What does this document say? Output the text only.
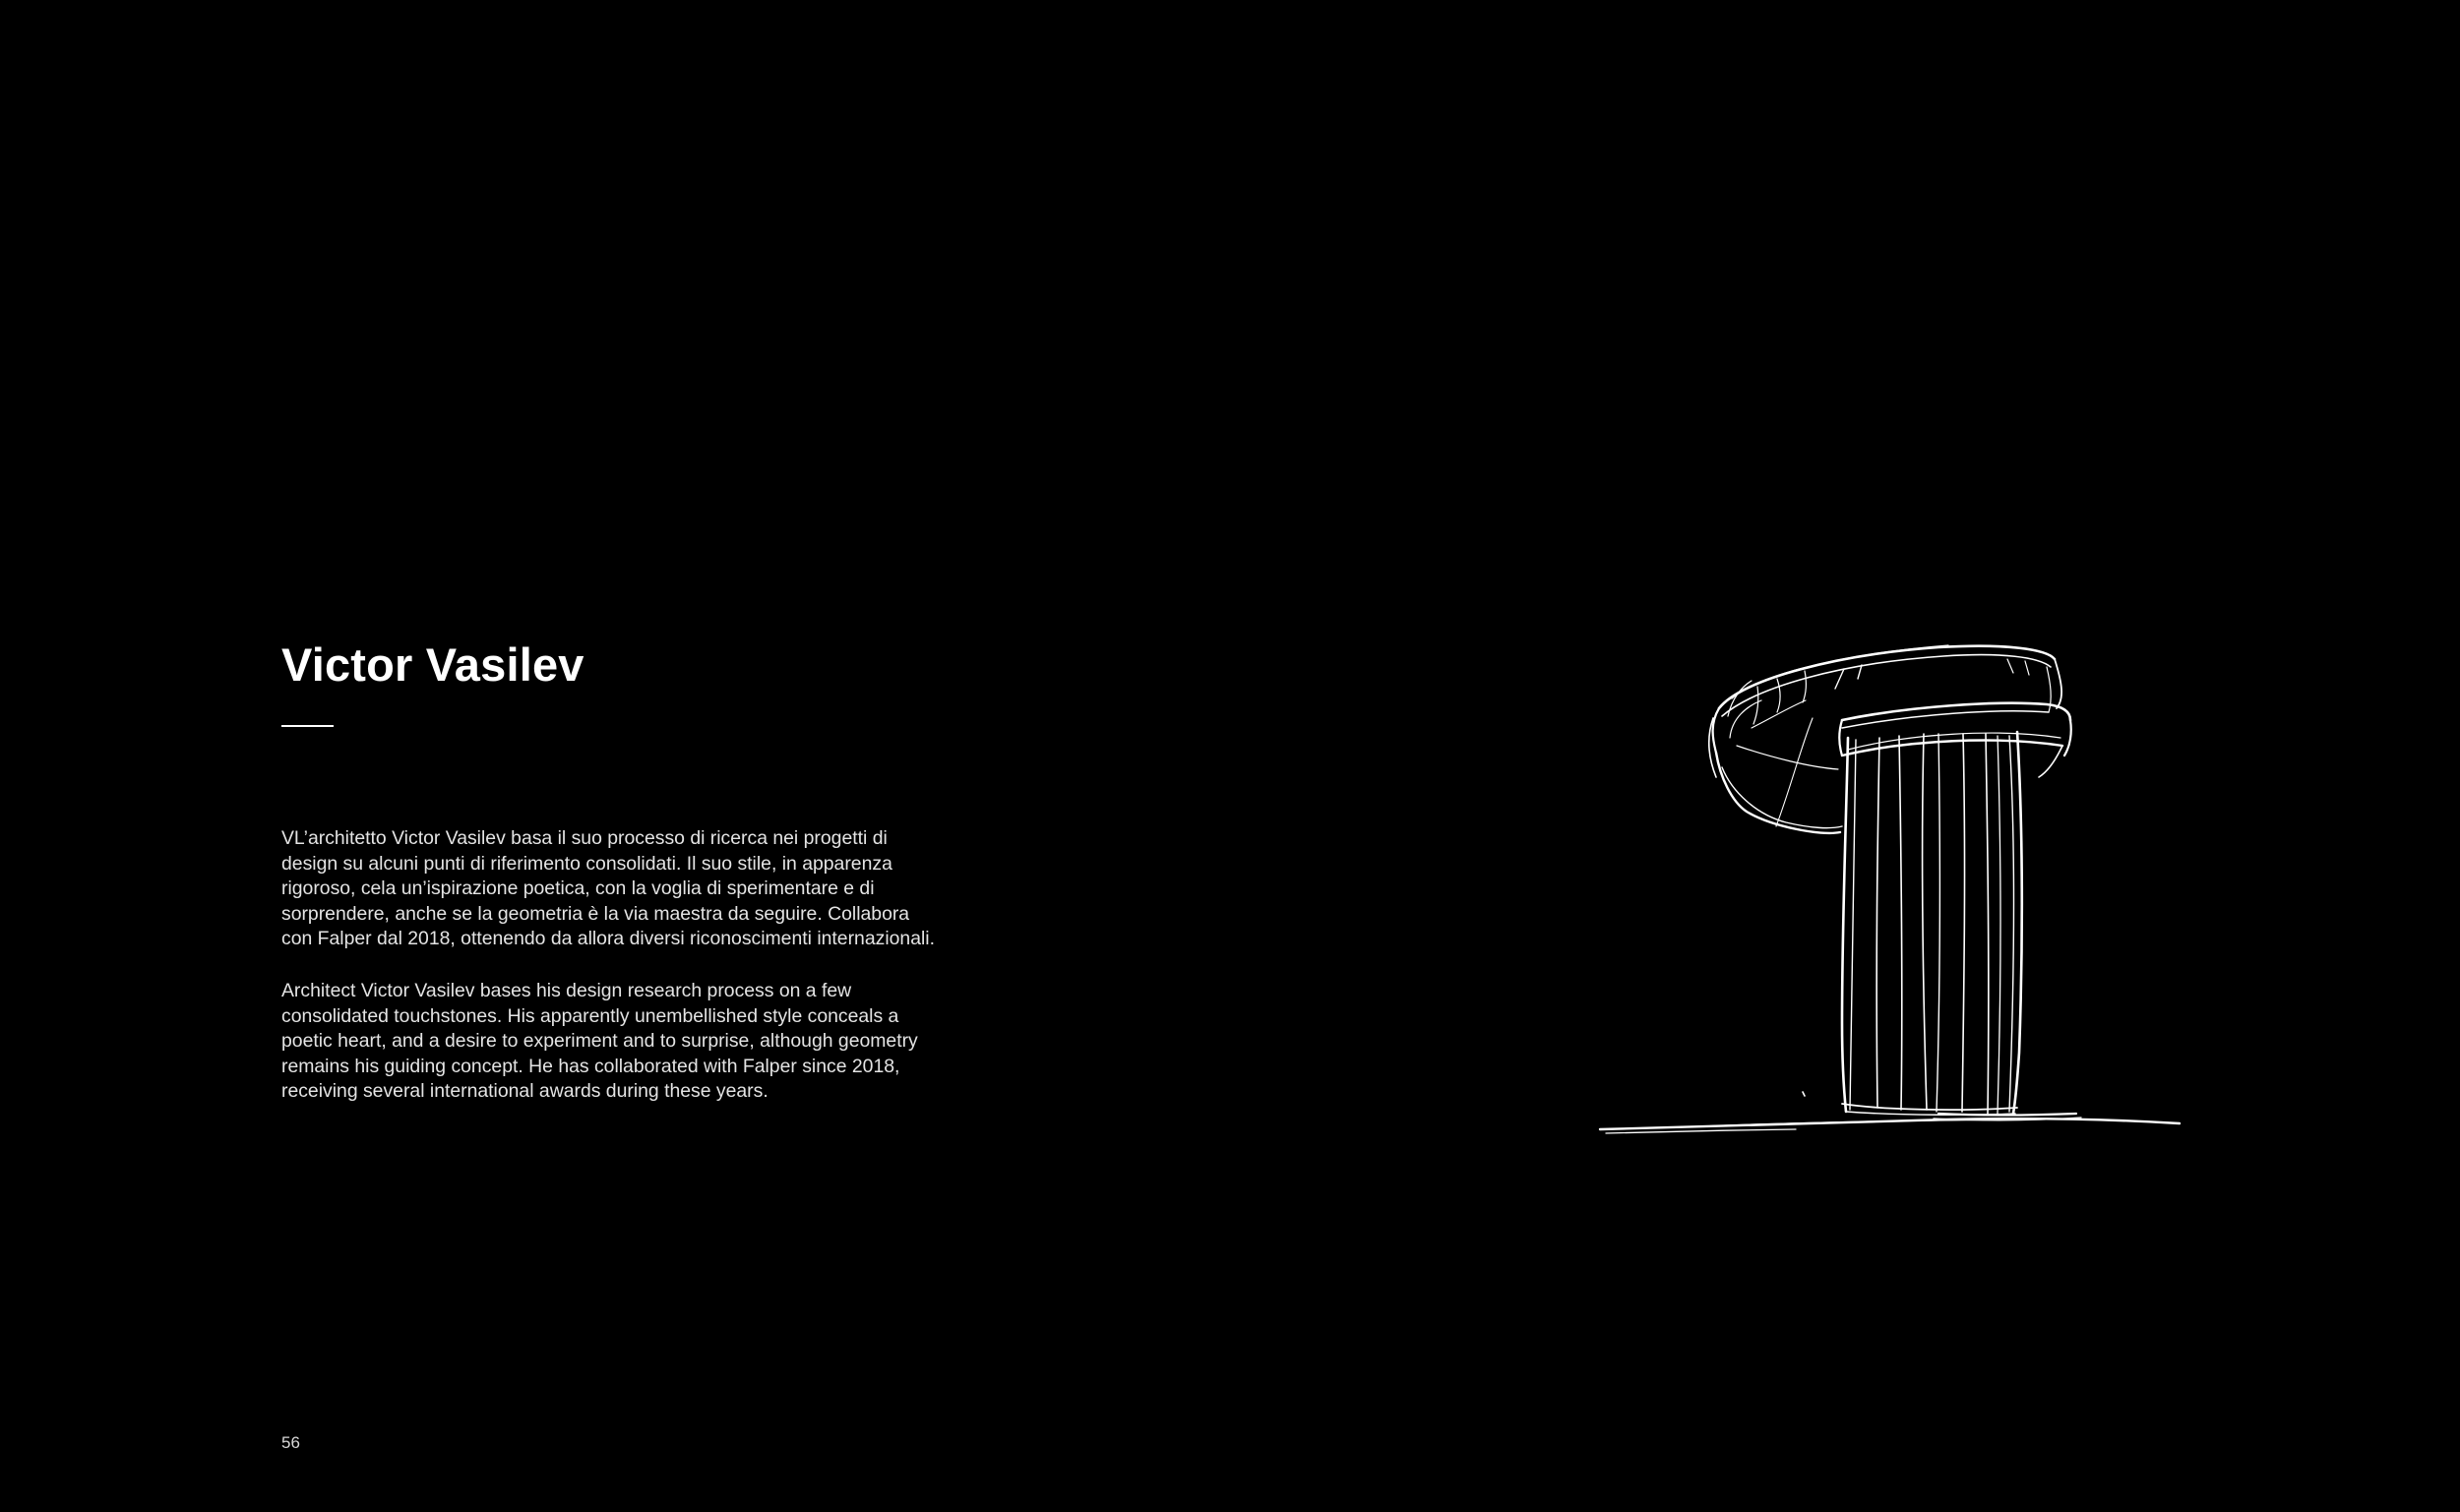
Victor Vasilev

VL’architetto Victor Vasilev basa il suo processo di ricerca nei progetti di
design su alcuni punti di riferimento consolidati. Il suo stile, in apparenza
rigoroso, cela un’ispirazione poetica, con la voglia di sperimentare e di
sorprendere, anche se la geometria è la via maestra da seguire. Collabora
con Falper dal 2018, ottenendo da allora diversi riconoscimenti internazionali.

Architect Victor Vasilev bases his design research process on a few
consolidated touchstones. His apparently unembellished style conceals a
poetic heart, and a desire to experiment and to surprise, although geometry
remains his guiding concept. He has collaborated with Falper since 2018,
receiving several international awards during these years.

56
